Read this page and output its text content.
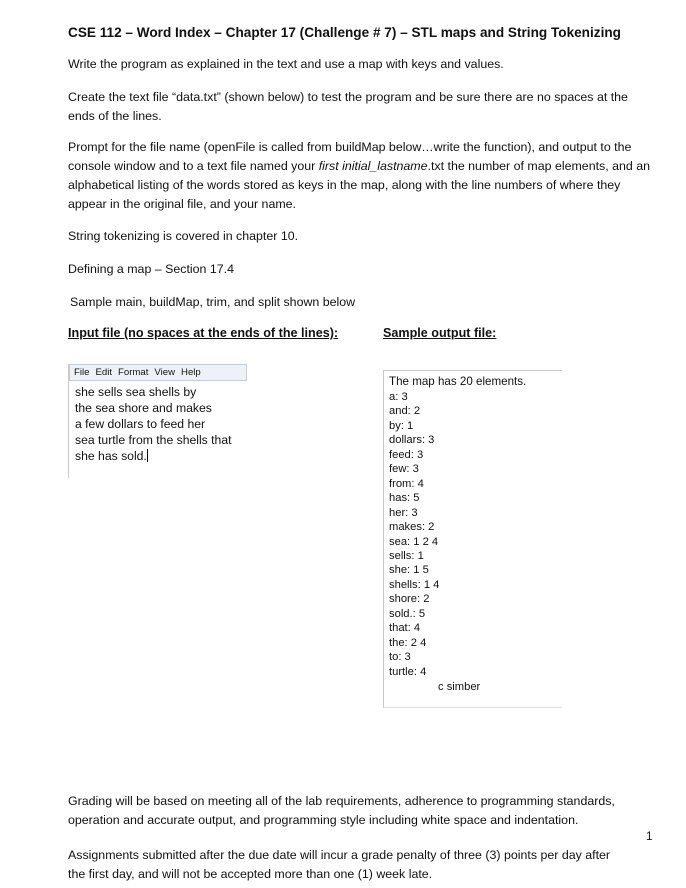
CSE 112 – Word Index – Chapter 17 (Challenge # 7) – STL maps and String Tokenizing
Write the program as explained in the text and use a map with keys and values.
Create the text file “data.txt” (shown below) to test the program and be sure there are no spaces at the ends of the lines.
Prompt for the file name (openFile is called from buildMap below…write the function), and output to the console window and to a text file named your first initial_lastname.txt the number of map elements, and an alphabetical listing of the words stored as keys in the map, along with the line numbers of where they appear in the original file, and your name.
String tokenizing is covered in chapter 10.
Defining a map – Section 17.4
Sample main, buildMap, trim, and split shown below
Input file (no spaces at the ends of the lines):	Sample output file:
File Edit Format View Help
she sells sea shells by
the sea shore and makes
a few dollars to feed her
sea turtle from the shells that
she has sold.
The map has 20 elements.
a: 3
and: 2
by: 1
dollars: 3
feed: 3
few: 3
from: 4
has: 5
her: 3
makes: 2
sea: 1 2 4
sells: 1
she: 1 5
shells: 1 4
shore: 2
sold.: 5
that: 4
the: 2 4
to: 3
turtle: 4
c simber
Grading will be based on meeting all of the lab requirements, adherence to programming standards, operation and accurate output, and programming style including white space and indentation.
1
Assignments submitted after the due date will incur a grade penalty of three (3) points per day after the first day, and will not be accepted more than one (1) week late.
